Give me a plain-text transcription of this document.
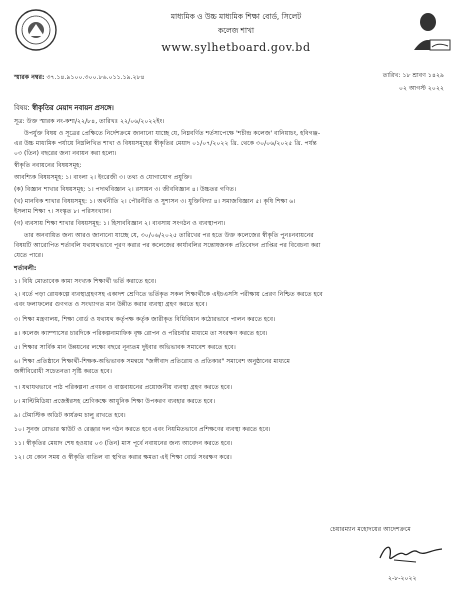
মাধ্যমিক ও উচ্চ মাধ্যমিক শিক্ষা বোর্ড, সিলেট
কলেজ শাখা
www.sylhetboard.gov.bd
স্মারক নম্বর: ৩৭.১৪.৯১০০.৩০০.৮৬.০১১.১৯.২৮৪	তারিখ: ১৮ শ্রাবণ ১৪২৯
০২ আগস্ট ২০২২
বিষয়: স্বীকৃতির মেয়াদ নবায়ন প্রসঙ্গে।
সূত্র: উক্ত স্মারক নং-কশা/২২/৮৪, তারিখঃ ২২/০৬/২০২২ইং।
উপর্যুক্ত বিষয় ও সূত্রের প্রেক্ষিতে নির্দেশক্রমে জানানো যাচ্ছে যে, নিম্নবর্ণিত শর্তসাপেক্ষে 'শচীন্দ্র কলেজ' বানিয়াচং, হবিগঞ্জ-
এর উচ্চ মাধ্যমিক পর্যায়ে নিম্নলিখিত শাখা ও বিষয়সমূহের স্বীকৃতির মেয়াদ ০১/০৭/২০২২ খ্রি. থেকে ৩০/০৬/২০২৫ খ্রি. পর্যন্ত
০৩ (তিন) বছরের জন্য নবায়ন করা হলো।
স্বীকৃতি নবায়নের বিষয়সমূহ:
আবশ্যিক বিষয়সমূহ: ১। বাংলা ২। ইংরেজী ৩। তথ্য ও যোগাযোগ প্রযুক্তি।
(ক) বিজ্ঞান শাখার বিষয়সমূহ: ১। পদার্থবিজ্ঞান ২। রসায়ন ৩। জীববিজ্ঞান ৪। উচ্চতর গণিত।
(খ) মানবিক শাখার বিষয়সমূহ: ১। অর্থনীতি ২। পৌরনীতি ও সুশাসন ৩। যুক্তিবিদ্যা ৪। সমাজবিজ্ঞান ৫। কৃষি শিক্ষা ৬।
ইসলাম শিক্ষা ৭। সংস্কৃত ৮। পরিসংখ্যান।
(গ) ব্যবসায় শিক্ষা শাখার বিষয়সমূহ: ১। হিসাববিজ্ঞান ২। ব্যবসায় সংগঠন ও ব্যবস্থাপনা।
তার অনবায়িত জন্য আরও জানানো যাচ্ছে যে, ৩০/০৬/২০২৫ তারিখের পর হতে উক্ত কলেজের স্বীকৃতি পুনঃনবায়নের
বিষয়টি আরোপিত শর্তাবলি যথাযথভাবে পূরণ করার পর কলেজের কার্যাবলির সন্তোষজনক প্রতিবেদন প্রাপ্তির পর বিবেচনা করা
যেতে পারে।
শর্তাবলী:
১। বিধি মোতাবেক কাম্য সংখ্যক শিক্ষার্থী ভর্তি করাতে হবে।
২। বর্তে পড়া রোধকল্পে ব্যবস্থাগ্রহণসহ একাদশ শ্রেণিতে ভর্তিকৃত সকল শিক্ষার্থীকে এইচএসসি পরীক্ষায় প্রেরণ নিশ্চিত করতে হবে
এবং ফলাফলের গুণগত ও সংখ্যাগত মান উন্নীত করার ব্যবস্থা গ্রহণ করতে হবে।
৩। শিক্ষা মন্ত্রণালয়, শিক্ষা বোর্ড ও যথাযথ কর্তৃপক্ষ কর্তৃক জারীকৃত বিধিবিধান কঠোরভাবে পালন করতে হবে।
৪। কলেজ ক্যাম্পাসের চারদিকে পরিকল্পনামাফিক বৃক্ষ রোপন ও পরিচর্যার মাধ্যমে তা সংরক্ষণ করতে হবে।
৫। শিক্ষার সার্বিক মান উন্নয়নের লক্ষ্যে বছরে নূন্যতম দুইবার অভিভাবক সমাবেশ করতে হবে।
৬। শিক্ষা প্রতিষ্ঠানে শিক্ষার্থী-শিক্ষক-অভিভাবক সমন্বয়ে "জঙ্গীবাদ প্রতিরোধ ও প্রতিকার" সমাবেশ অনুষ্ঠানের মাধ্যমে
জঙ্গীবিরোধী সচেতনতা সৃষ্টি করতে হবে।
৭। যথাযথভাবে পাঠ পরিকল্পনা প্রণয়ন ও বাস্তবায়নের প্রয়োজনীয় ব্যবস্থা গ্রহণ করতে হবে।
৮। মাল্টিমিডিয়া প্রজেক্টরসহ শ্রেণিকক্ষে আধুনিক শিক্ষা উপকরণ ব্যবহার করতে হবে।
৯। টেমাস্টিক অডিট কার্যক্রম চালু রাখতে হবে।
১০। সুনজ রোভার স্কাউট ও রেঞ্জার দল গঠন করতে হবে এবং নিয়মিতভাবে প্রশিক্ষণের ব্যবস্থা করতে হবে।
১১। স্বীকৃতির মেয়াদ শেষ হওয়ার ০৩ (তিন) মাস পূর্বে নবায়নের জন্য আবেদন করতে হবে।
১২। যে কোন সময় ও স্বীকৃতি বাতিল বা স্থগিত করার ক্ষমতা এই শিক্ষা বোর্ড সংরক্ষণ করে।
চেয়ারম্যান মহোদয়ের আদেশক্রমে
২-৮-২০২২
